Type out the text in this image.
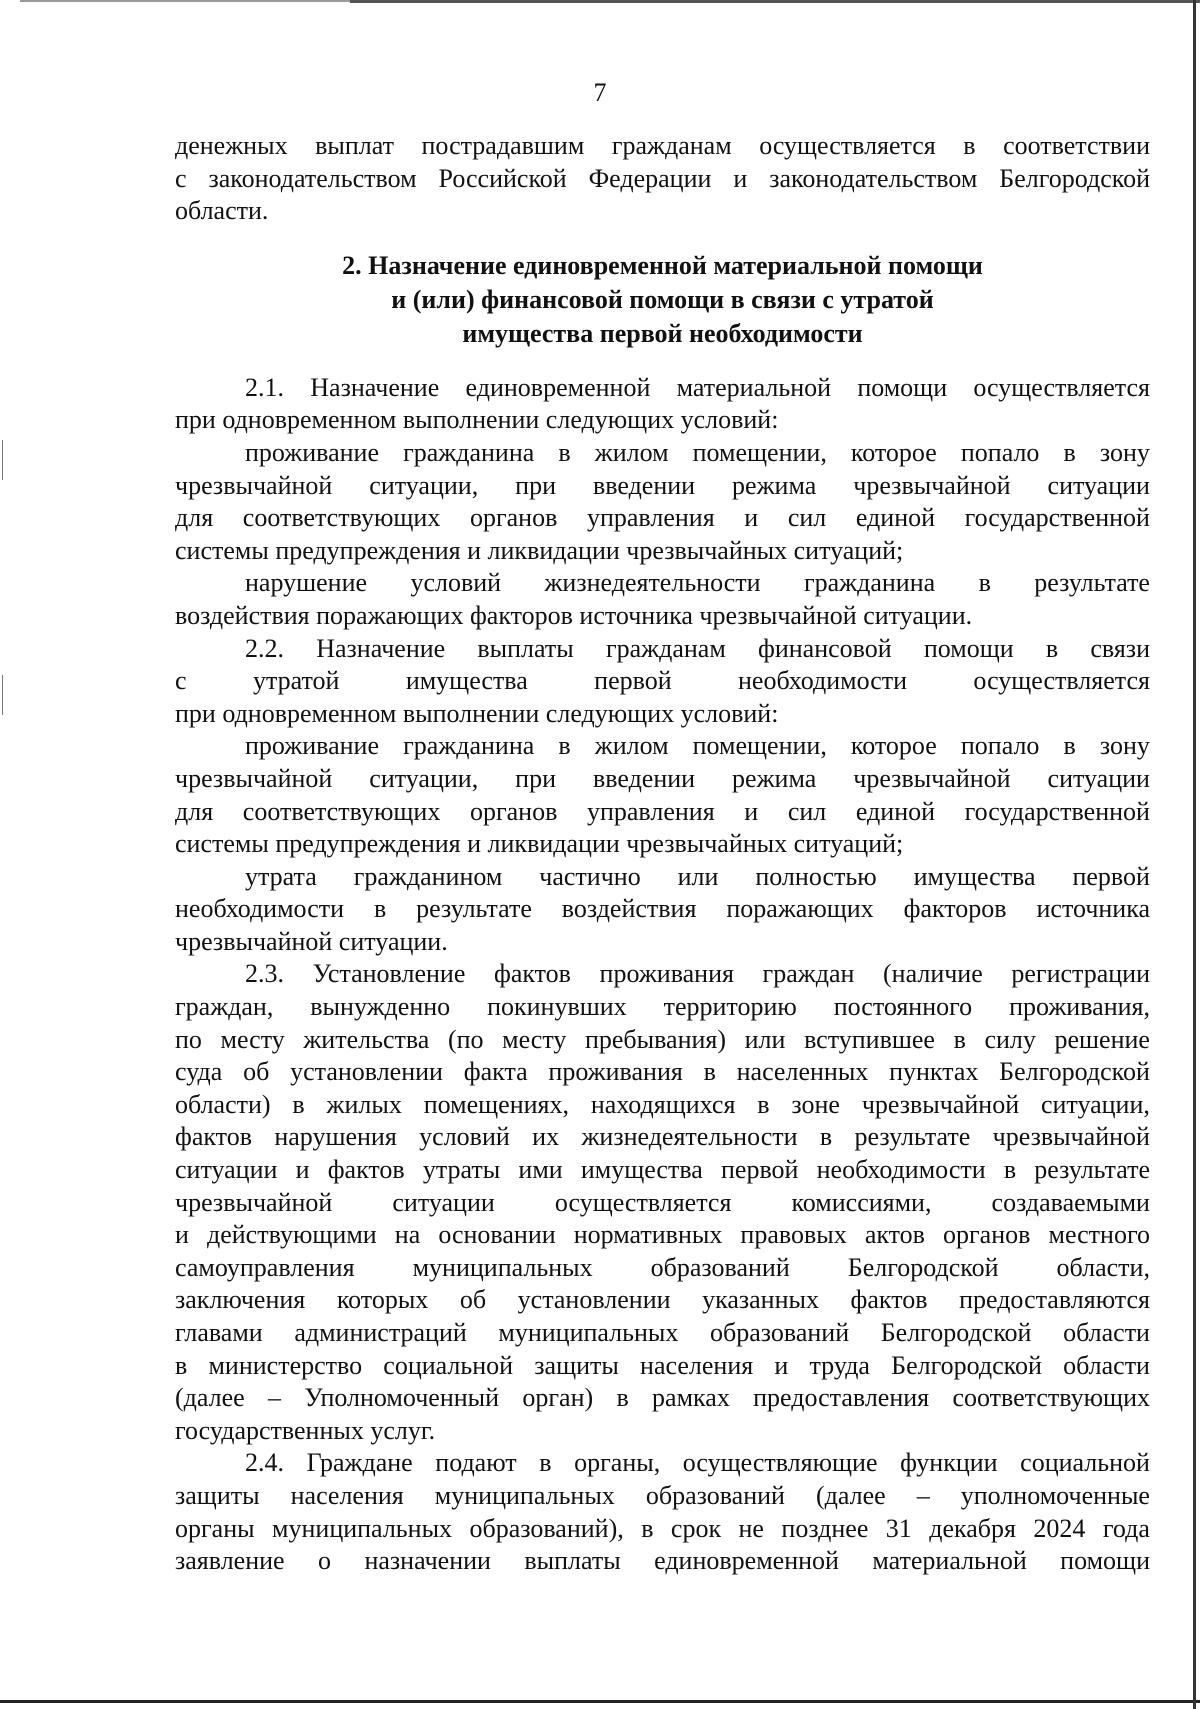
7
денежных выплат пострадавшим гражданам осуществляется в соответствии
с законодательством Российской Федерации и законодательством Белгородской
области.
2. Назначение единовременной материальной помощи
и (или) финансовой помощи в связи с утратой
имущества первой необходимости
2.1. Назначение единовременной материальной помощи осуществляется
при одновременном выполнении следующих условий:
проживание гражданина в жилом помещении, которое попало в зону
чрезвычайной ситуации, при введении режима чрезвычайной ситуации
для соответствующих органов управления и сил единой государственной
системы предупреждения и ликвидации чрезвычайных ситуаций;
нарушение условий жизнедеятельности гражданина в результате
воздействия поражающих факторов источника чрезвычайной ситуации.
2.2. Назначение выплаты гражданам финансовой помощи в связи
с	утратой	имущества	первой	необходимости	осуществляется
при одновременном выполнении следующих условий:
проживание гражданина в жилом помещении, которое попало в зону
чрезвычайной ситуации, при введении режима чрезвычайной ситуации
для соответствующих органов управления и сил единой государственной
системы предупреждения и ликвидации чрезвычайных ситуаций;
утрата гражданином частично или полностью имущества первой
необходимости в результате воздействия поражающих факторов источника
чрезвычайной ситуации.
2.3. Установление фактов проживания граждан (наличие регистрации
граждан, вынужденно покинувших территорию постоянного проживания,
по месту жительства (по месту пребывания) или вступившее в силу решение
суда об установлении факта проживания в населенных пунктах Белгородской
области) в жилых помещениях, находящихся в зоне чрезвычайной ситуации,
фактов нарушения условий их жизнедеятельности в результате чрезвычайной
ситуации и фактов утраты ими имущества первой необходимости в результате
чрезвычайной ситуации осуществляется комиссиями, создаваемыми
и действующими на основании нормативных правовых актов органов местного
самоуправления муниципальных образований Белгородской области,
заключения которых об установлении указанных фактов предоставляются
главами администраций муниципальных образований Белгородской области
в министерство социальной защиты населения и труда Белгородской области
(далее – Уполномоченный орган) в рамках предоставления соответствующих
государственных услуг.
2.4. Граждане подают в органы, осуществляющие функции социальной
защиты населения муниципальных образований (далее – уполномоченные
органы муниципальных образований), в срок не позднее 31 декабря 2024 года
заявление о назначении выплаты единовременной материальной помощи
